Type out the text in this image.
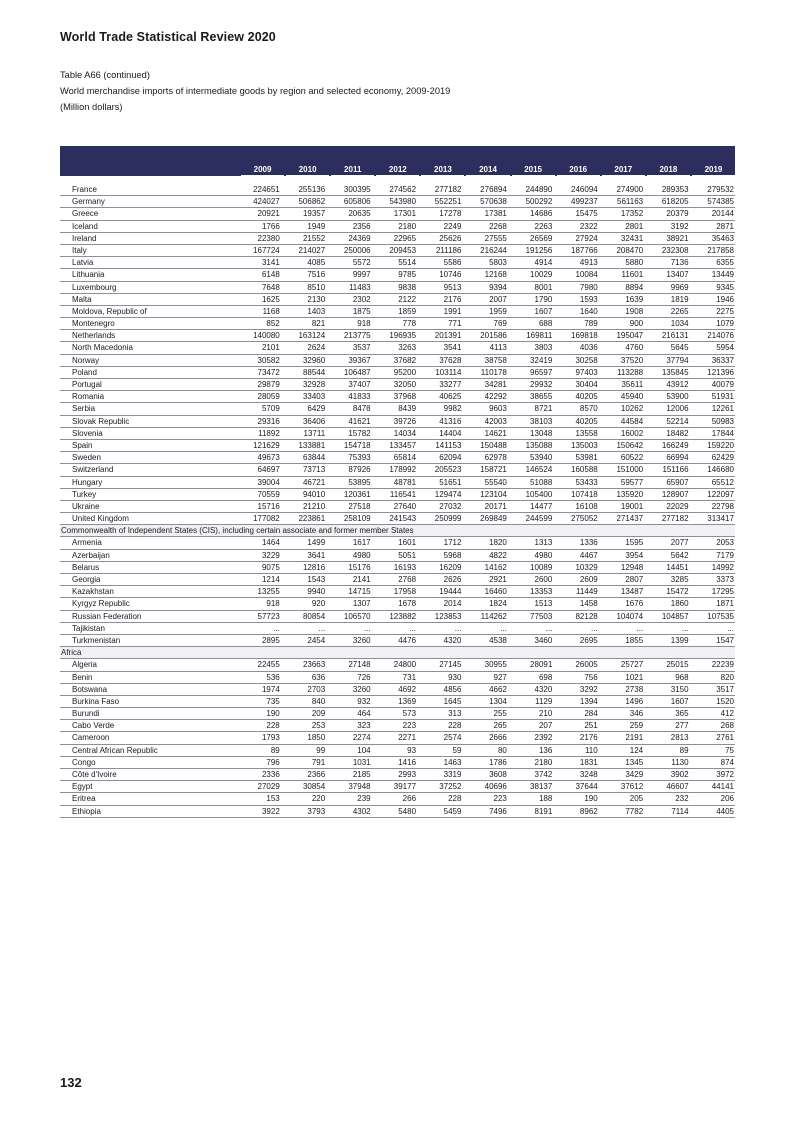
World Trade Statistical Review 2020
Table A66 (continued)
World merchandise imports of intermediate goods by region and selected economy, 2009-2019
(Million dollars)
2009	2010	2011	2012	2013	2014	2015	2016	2017	2018	2019
France	224651	255136	300395	274562	277182	276894	244890	246094	274900	289353	279532
Germany	424027	506862	605806	543980	552251	570638	500292	499237	561163	618205	574385
Greece	20921	19357	20635	17301	17278	17381	14686	15475	17352	20379	20144
Iceland	1766	1949	2356	2180	2249	2268	2263	2322	2801	3192	2871
Ireland	22380	21552	24369	22965	25626	27555	26569	27924	32431	38921	35463
Italy	167724	214027	250006	209453	211186	216244	191256	187766	208470	232308	217858
Latvia	3141	4085	5572	5514	5586	5803	4914	4913	5880	7136	6355
Lithuania	6148	7516	9997	9785	10746	12168	10029	10084	11601	13407	13449
Luxembourg	7648	8510	11483	9838	9513	9394	8001	7980	8894	9969	9345
Malta	1625	2130	2302	2122	2176	2007	1790	1593	1639	1819	1946
Moldova, Republic of	1168	1403	1875	1859	1991	1959	1607	1640	1908	2265	2275
Montenegro	852	821	918	778	771	769	688	789	900	1034	1079
Netherlands	140080	163124	213775	196935	201391	201586	169811	169818	195047	216131	214076
North Macedonia	2101	2624	3537	3263	3541	4113	3803	4036	4760	5645	5954
Norway	30582	32960	39367	37682	37628	38758	32419	30258	37520	37794	36337
Poland	73472	88544	106487	95200	103114	110178	96597	97403	113288	135845	121396
Portugal	29879	32928	37407	32050	33277	34281	29932	30404	35611	43912	40079
Romania	28059	33403	41833	37968	40625	42292	38655	40205	45940	53900	51931
Serbia	5709	6429	8478	8439	9982	9603	8721	8570	10262	12006	12261
Slovak Republic	29316	36406	41621	39726	41316	42003	38103	40205	44584	52214	50983
Slovenia	11892	13711	15782	14034	14404	14621	13048	13558	16002	18482	17844
Spain	121629	133881	154718	133457	141153	150488	135088	135003	150642	166249	159220
Sweden	49673	63844	75393	65814	62094	62978	53940	53981	60522	66994	62429
Switzerland	64697	73713	87926	178992	205523	158721	146524	160588	151000	151166	146680
Hungary	39004	46721	53895	48781	51651	55540	51088	53433	59577	65907	65512
Turkey	70559	94010	120361	116541	129474	123104	105400	107418	135920	128907	122097
Ukraine	15716	21210	27518	27640	27032	20171	14477	16108	19001	22029	22798
United Kingdom	177082	223861	258109	241543	250999	269849	244599	275052	271437	277182	313417
Commonwealth of Independent States (CIS), including certain associate and former member States
Armenia	1464	1499	1617	1601	1712	1820	1313	1336	1595	2077	2053
Azerbaijan	3229	3641	4980	5051	5968	4822	4980	4467	3954	5642	7179
Belarus	9075	12816	15176	16193	16209	14162	10089	10329	12948	14451	14992
Georgia	1214	1543	2141	2768	2626	2921	2600	2609	2807	3285	3373
Kazakhstan	13255	9940	14715	17958	19444	16460	13353	11449	13487	15472	17295
Kyrgyz Republic	918	920	1307	1678	2014	1824	1513	1458	1676	1860	1871
Russian Federation	57723	80854	106570	123882	123853	114262	77503	82128	104074	104857	107535
Tajikistan	...	...	...	...	...	...	...	...	...	...	...
Turkmenistan	2895	2454	3260	4476	4320	4538	3460	2695	1855	1399	1547
Africa
Algeria	22455	23663	27148	24800	27145	30955	28091	26005	25727	25015	22239
Benin	536	636	726	731	930	927	698	756	1021	968	820
Botswana	1974	2703	3260	4692	4856	4662	4320	3292	2738	3150	3517
Burkina Faso	735	840	932	1369	1645	1304	1129	1394	1496	1607	1520
Burundi	190	209	464	573	313	255	210	284	346	365	412
Cabo Verde	228	253	323	223	228	265	207	251	259	277	268
Cameroon	1793	1850	2274	2271	2574	2666	2392	2176	2191	2813	2761
Central African Republic	89	99	104	93	59	80	136	110	124	89	75
Congo	796	791	1031	1416	1463	1786	2180	1831	1345	1130	874
Côte d'Ivoire	2336	2366	2185	2993	3319	3608	3742	3248	3429	3902	3972
Egypt	27029	30854	37948	39177	37252	40696	38137	37644	37612	46607	44141
Eritrea	153	220	239	266	228	223	188	190	205	232	206
Ethiopia	3922	3793	4302	5480	5459	7496	8191	8962	7782	7114	4405
132
